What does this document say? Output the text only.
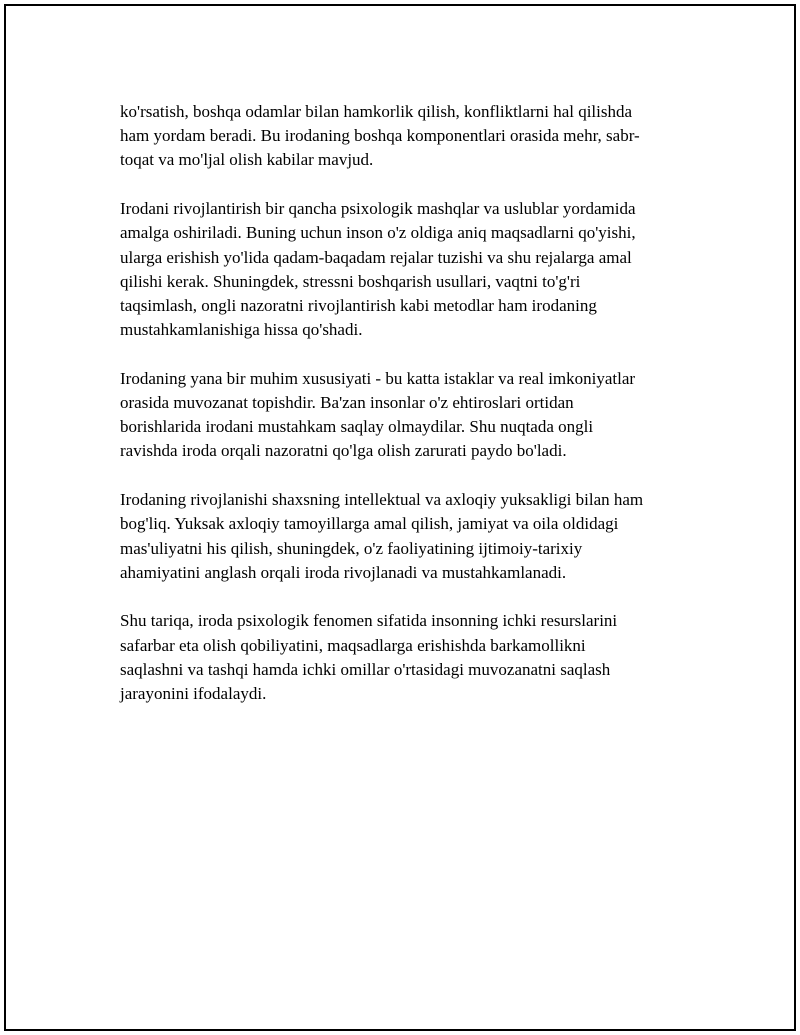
ko'rsatish, boshqa odamlar bilan hamkorlik qilish, konfliktlarni hal qilishda
ham yordam beradi. Bu irodaning boshqa komponentlari orasida mehr, sabr-
toqat va mo'ljal olish kabilar mavjud.

Irodani rivojlantirish bir qancha psixologik mashqlar va uslublar yordamida
amalga oshiriladi. Buning uchun inson o'z oldiga aniq maqsadlarni qo'yishi,
ularga erishish yo'lida qadam-baqadam rejalar tuzishi va shu rejalarga amal
qilishi kerak. Shuningdek, stressni boshqarish usullari, vaqtni to'g'ri
taqsimlash, ongli nazoratni rivojlantirish kabi metodlar ham irodaning
mustahkamlanishiga hissa qo'shadi.

Irodaning yana bir muhim xususiyati - bu katta istaklar va real imkoniyatlar
orasida muvozanat topishdir. Ba'zan insonlar o'z ehtiroslari ortidan
borishlarida irodani mustahkam saqlay olmaydilar. Shu nuqtada ongli
ravishda iroda orqali nazoratni qo'lga olish zarurati paydo bo'ladi.

Irodaning rivojlanishi shaxsning intellektual va axloqiy yuksakligi bilan ham
bog'liq. Yuksak axloqiy tamoyillarga amal qilish, jamiyat va oila oldidagi
mas'uliyatni his qilish, shuningdek, o'z faoliyatining ijtimoiy-tarixiy
ahamiyatini anglash orqali iroda rivojlanadi va mustahkamlanadi.

Shu tariqa, iroda psixologik fenomen sifatida insonning ichki resurslarini
safarbar eta olish qobiliyatini, maqsadlarga erishishda barkamollikni
saqlashni va tashqi hamda ichki omillar o'rtasidagi muvozanatni saqlash
jarayonini ifodalaydi.
